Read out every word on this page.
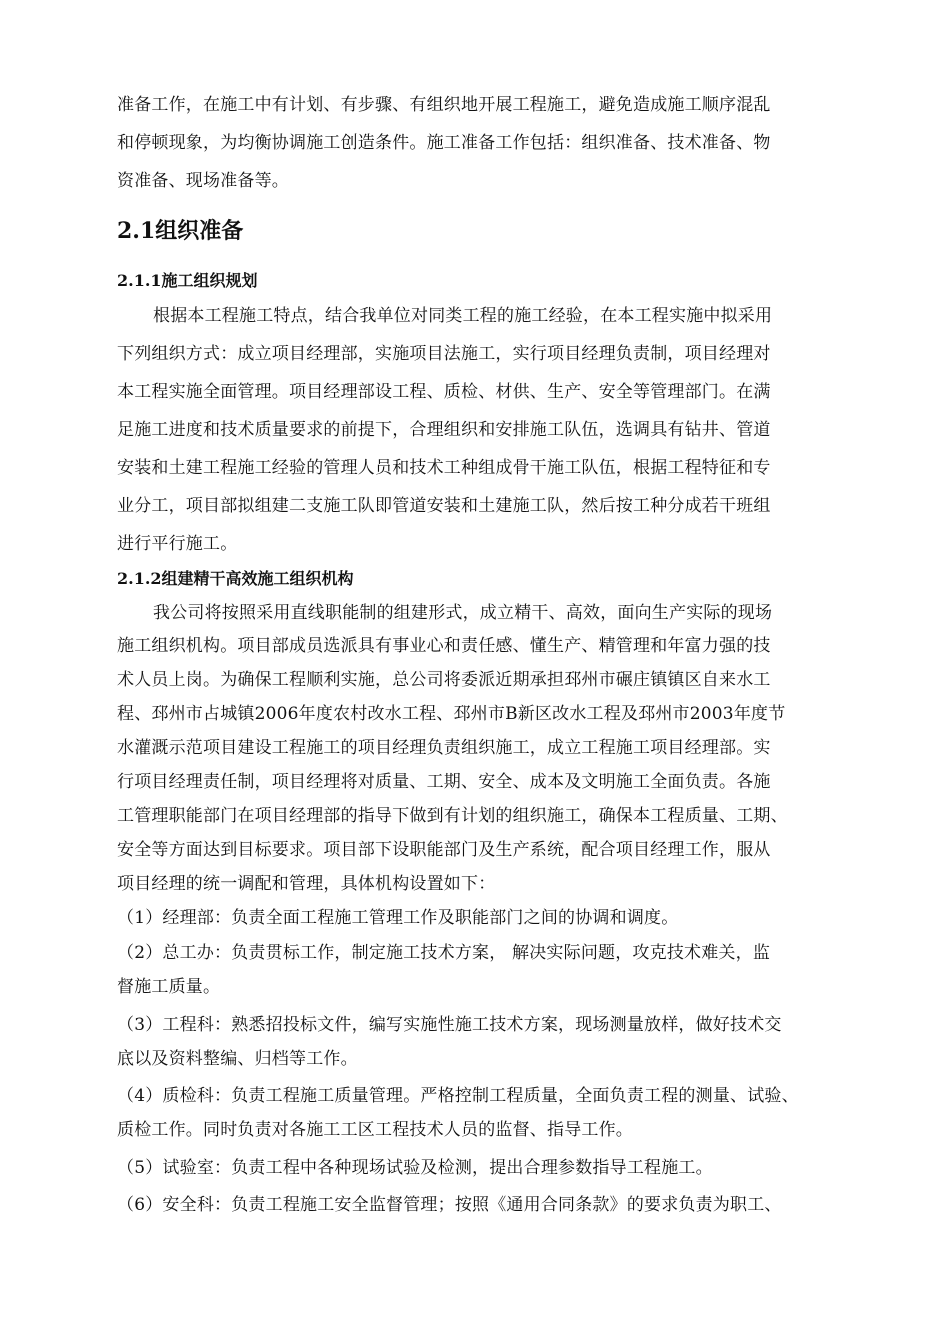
准备工作，在施工中有计划、有步骤、有组织地开展工程施工，避免造成施工顺序混乱
和停顿现象，为均衡协调施工创造条件。施工准备工作包括：组织准备、技术准备、物
资准备、现场准备等。
2.1组织准备
2.1.1施工组织规划
根据本工程施工特点，结合我单位对同类工程的施工经验，在本工程实施中拟采用
下列组织方式：成立项目经理部，实施项目法施工，实行项目经理负责制，项目经理对
本工程实施全面管理。项目经理部设工程、质检、材供、生产、安全等管理部门。在满
足施工进度和技术质量要求的前提下，合理组织和安排施工队伍，选调具有钻井、管道
安装和土建工程施工经验的管理人员和技术工种组成骨干施工队伍，根据工程特征和专
业分工，项目部拟组建二支施工队即管道安装和土建施工队，然后按工种分成若干班组
进行平行施工。
2.1.2组建精干高效施工组织机构
我公司将按照采用直线职能制的组建形式，成立精干、高效，面向生产实际的现场
施工组织机构。项目部成员选派具有事业心和责任感、懂生产、精管理和年富力强的技
术人员上岗。为确保工程顺利实施，总公司将委派近期承担邳州市碾庄镇镇区自来水工
程、邳州市占城镇2006年度农村改水工程、邳州市B新区改水工程及邳州市2003年度节
水灌溉示范项目建设工程施工的项目经理负责组织施工，成立工程施工项目经理部。实
行项目经理责任制，项目经理将对质量、工期、安全、成本及文明施工全面负责。各施
工管理职能部门在项目经理部的指导下做到有计划的组织施工，确保本工程质量、工期、
安全等方面达到目标要求。项目部下设职能部门及生产系统，配合项目经理工作，服从
项目经理的统一调配和管理，具体机构设置如下：
（1）经理部：负责全面工程施工管理工作及职能部门之间的协调和调度。
（2）总工办：负责贯标工作，制定施工技术方案， 解决实际问题，攻克技术难关，监
督施工质量。
（3）工程科：熟悉招投标文件，编写实施性施工技术方案，现场测量放样，做好技术交
底以及资料整编、归档等工作。
（4）质检科：负责工程施工质量管理。严格控制工程质量，全面负责工程的测量、试验、
质检工作。同时负责对各施工工区工程技术人员的监督、指导工作。
（5）试验室：负责工程中各种现场试验及检测，提出合理参数指导工程施工。
（6）安全科：负责工程施工安全监督管理；按照《通用合同条款》的要求负责为职工、
